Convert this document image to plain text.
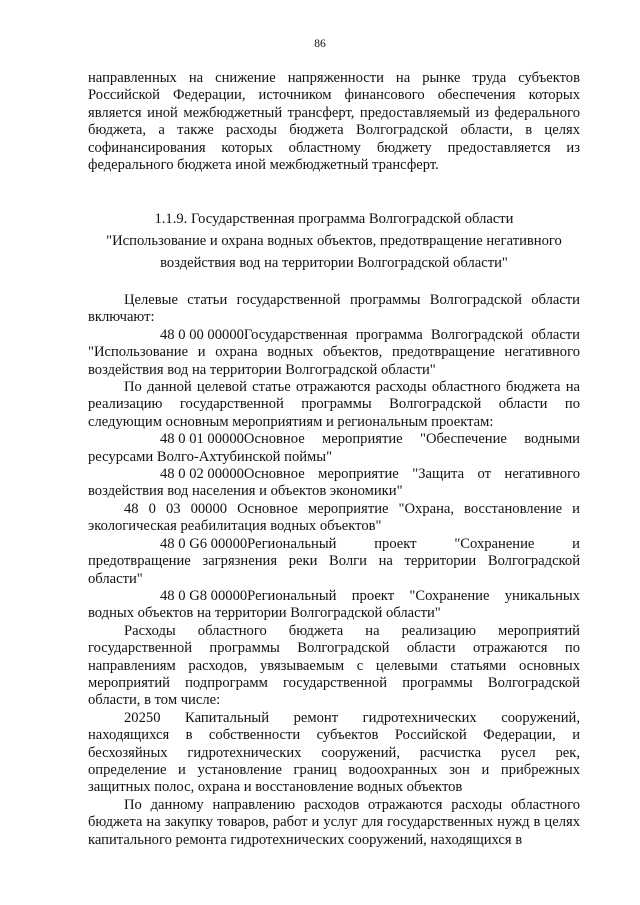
86

направленных на снижение напряженности на рынке труда субъектов Российской Федерации, источником финансового обеспечения которых является иной межбюджетный трансферт, предоставляемый из федерального бюджета, а также расходы бюджета Волгоградской области, в целях софинансирования которых областному бюджету предоставляется из федерального бюджета иной межбюджетный трансферт.

1.1.9. Государственная программа Волгоградской области

"Использование и охрана водных объектов, предотвращение негативного

воздействия вод на территории Волгоградской области"

Целевые статьи государственной программы Волгоградской области включают:

48 0 00 00000Государственная программа Волгоградской области "Использование и охрана водных объектов, предотвращение негативного воздействия вод на территории Волгоградской области"

По данной целевой статье отражаются расходы областного бюджета на реализацию государственной программы Волгоградской области по следующим основным мероприятиям и региональным проектам:

48 0 01 00000Основное мероприятие "Обеспечение водными ресурсами Волго-Ахтубинской поймы"

48 0 02 00000Основное мероприятие "Защита от негативного воздействия вод населения и объектов экономики"

48 0 03 00000 Основное мероприятие "Охрана, восстановление и экологическая реабилитация водных объектов"

48 0 G6 00000Региональный проект "Сохранение и предотвращение загрязнения реки Волги на территории Волгоградской области"

48 0 G8 00000Региональный проект "Сохранение уникальных водных объектов на территории Волгоградской области"

Расходы областного бюджета на реализацию мероприятий государственной программы Волгоградской области отражаются по направлениям расходов, увязываемым с целевыми статьями основных мероприятий подпрограмм государственной программы Волгоградской области, в том числе:

20250 Капитальный ремонт гидротехнических сооружений, находящихся в собственности субъектов Российской Федерации, и бесхозяйных гидротехнических сооружений, расчистка русел рек, определение и установление границ водоохранных зон и прибрежных защитных полос, охрана и восстановление водных объектов

По данному направлению расходов отражаются расходы областного бюджета на закупку товаров, работ и услуг для государственных нужд в целях капитального ремонта гидротехнических сооружений, находящихся в
